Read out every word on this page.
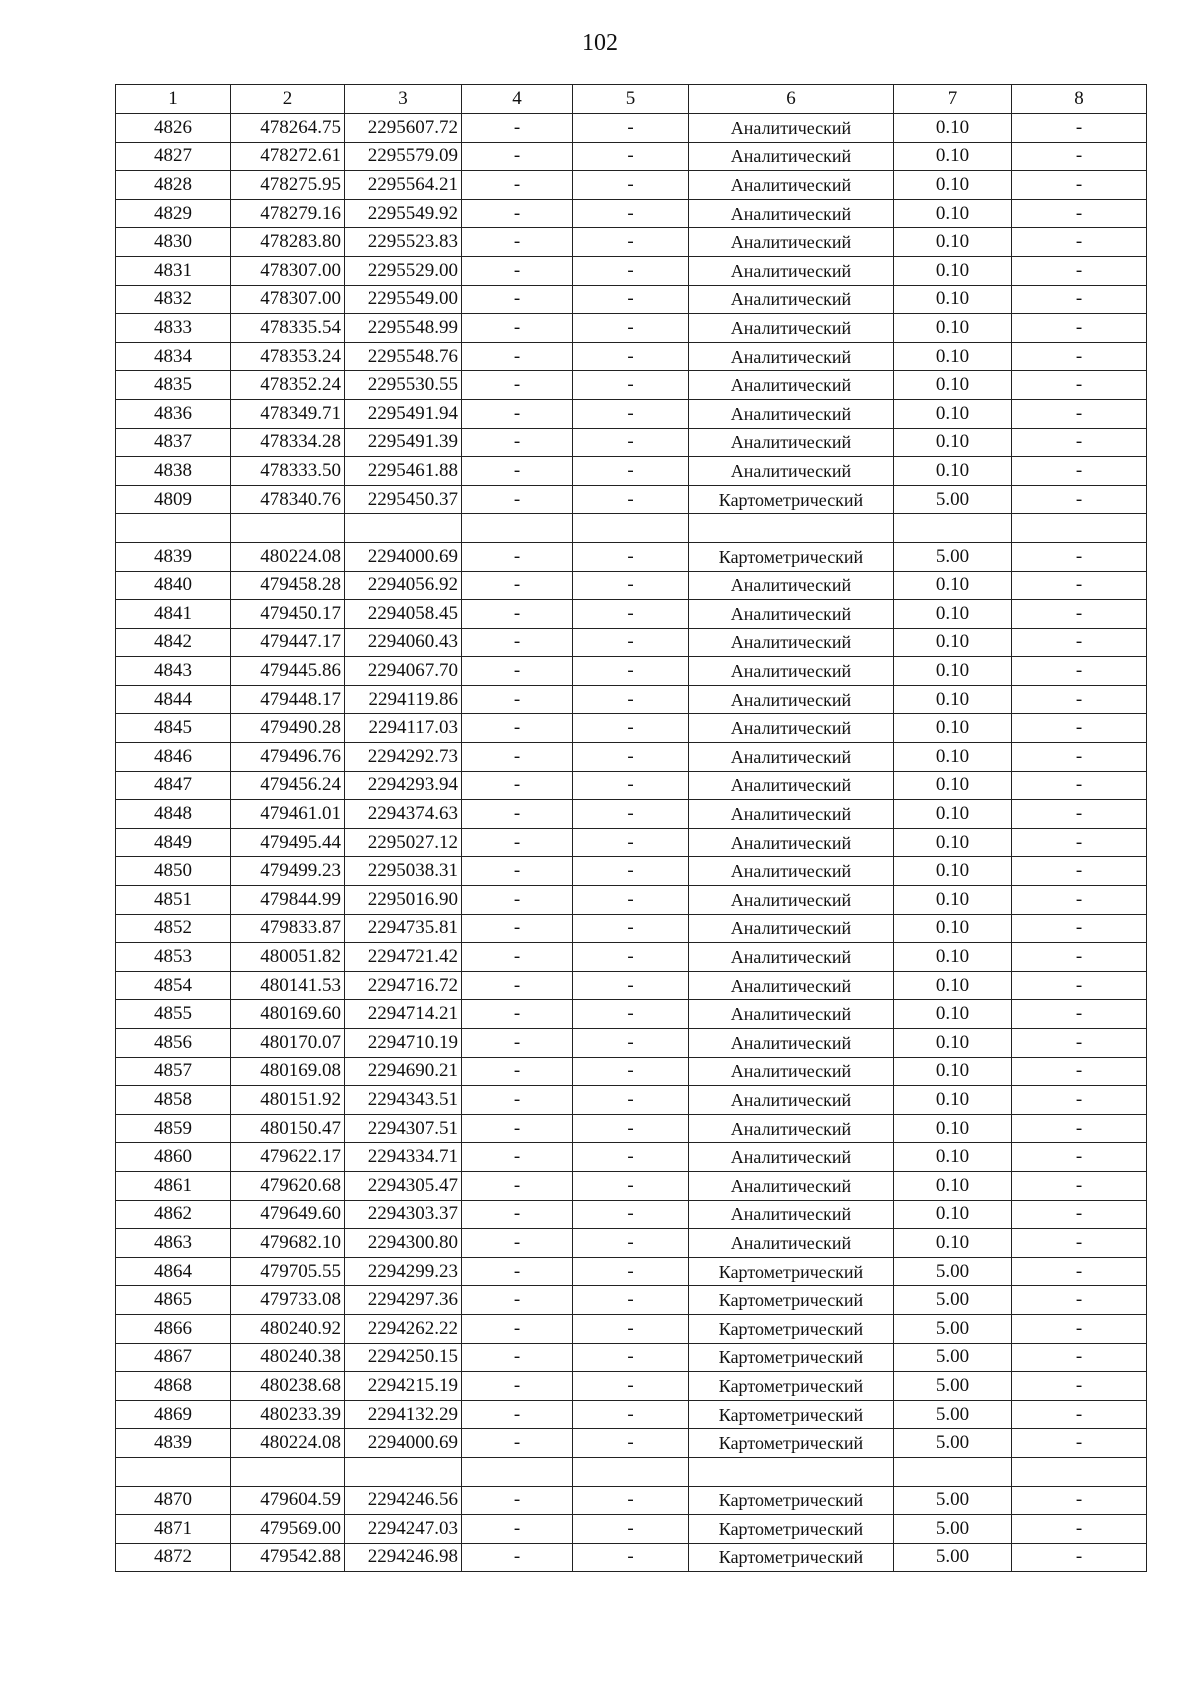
102
1	2	3	4	5	6	7	8
4826	478264.75	2295607.72	-	-	Аналитический	0.10	-
4827	478272.61	2295579.09	-	-	Аналитический	0.10	-
4828	478275.95	2295564.21	-	-	Аналитический	0.10	-
4829	478279.16	2295549.92	-	-	Аналитический	0.10	-
4830	478283.80	2295523.83	-	-	Аналитический	0.10	-
4831	478307.00	2295529.00	-	-	Аналитический	0.10	-
4832	478307.00	2295549.00	-	-	Аналитический	0.10	-
4833	478335.54	2295548.99	-	-	Аналитический	0.10	-
4834	478353.24	2295548.76	-	-	Аналитический	0.10	-
4835	478352.24	2295530.55	-	-	Аналитический	0.10	-
4836	478349.71	2295491.94	-	-	Аналитический	0.10	-
4837	478334.28	2295491.39	-	-	Аналитический	0.10	-
4838	478333.50	2295461.88	-	-	Аналитический	0.10	-
4809	478340.76	2295450.37	-	-	Картометрический	5.00	-

4839	480224.08	2294000.69	-	-	Картометрический	5.00	-
4840	479458.28	2294056.92	-	-	Аналитический	0.10	-
4841	479450.17	2294058.45	-	-	Аналитический	0.10	-
4842	479447.17	2294060.43	-	-	Аналитический	0.10	-
4843	479445.86	2294067.70	-	-	Аналитический	0.10	-
4844	479448.17	2294119.86	-	-	Аналитический	0.10	-
4845	479490.28	2294117.03	-	-	Аналитический	0.10	-
4846	479496.76	2294292.73	-	-	Аналитический	0.10	-
4847	479456.24	2294293.94	-	-	Аналитический	0.10	-
4848	479461.01	2294374.63	-	-	Аналитический	0.10	-
4849	479495.44	2295027.12	-	-	Аналитический	0.10	-
4850	479499.23	2295038.31	-	-	Аналитический	0.10	-
4851	479844.99	2295016.90	-	-	Аналитический	0.10	-
4852	479833.87	2294735.81	-	-	Аналитический	0.10	-
4853	480051.82	2294721.42	-	-	Аналитический	0.10	-
4854	480141.53	2294716.72	-	-	Аналитический	0.10	-
4855	480169.60	2294714.21	-	-	Аналитический	0.10	-
4856	480170.07	2294710.19	-	-	Аналитический	0.10	-
4857	480169.08	2294690.21	-	-	Аналитический	0.10	-
4858	480151.92	2294343.51	-	-	Аналитический	0.10	-
4859	480150.47	2294307.51	-	-	Аналитический	0.10	-
4860	479622.17	2294334.71	-	-	Аналитический	0.10	-
4861	479620.68	2294305.47	-	-	Аналитический	0.10	-
4862	479649.60	2294303.37	-	-	Аналитический	0.10	-
4863	479682.10	2294300.80	-	-	Аналитический	0.10	-
4864	479705.55	2294299.23	-	-	Картометрический	5.00	-
4865	479733.08	2294297.36	-	-	Картометрический	5.00	-
4866	480240.92	2294262.22	-	-	Картометрический	5.00	-
4867	480240.38	2294250.15	-	-	Картометрический	5.00	-
4868	480238.68	2294215.19	-	-	Картометрический	5.00	-
4869	480233.39	2294132.29	-	-	Картометрический	5.00	-
4839	480224.08	2294000.69	-	-	Картометрический	5.00	-

4870	479604.59	2294246.56	-	-	Картометрический	5.00	-
4871	479569.00	2294247.03	-	-	Картометрический	5.00	-
4872	479542.88	2294246.98	-	-	Картометрический	5.00	-
